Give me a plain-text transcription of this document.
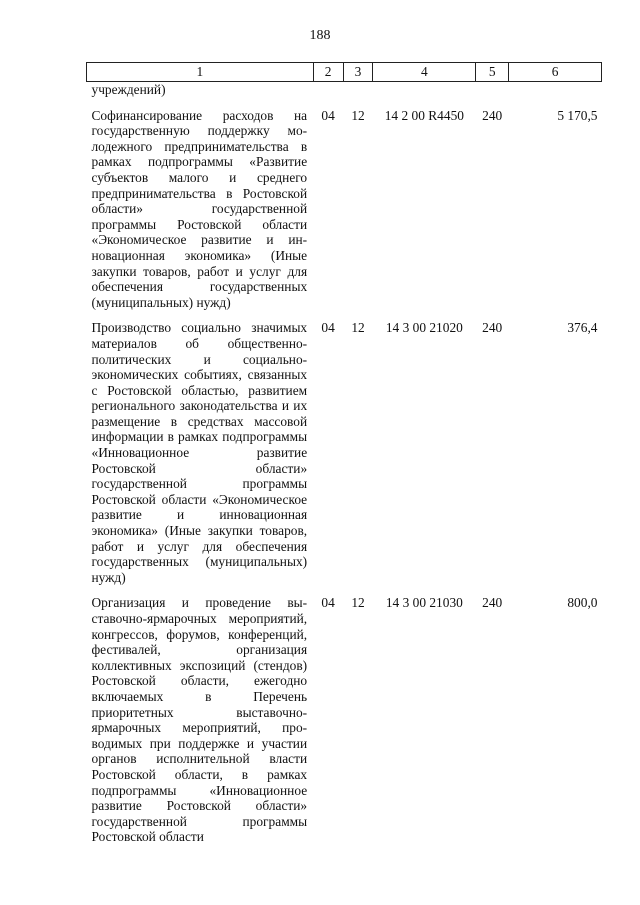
188
1	2	3	4	5	6
учреждений)					
Софинансирование расходов на государственную поддержку молодежного предпринимательства в рамках подпрограммы «Развитие субъектов малого и среднего предпринимательства в Ростовской области» государственной программы Ростовской области «Экономическое развитие и инновационная экономика» (Иные закупки товаров, работ и услуг для обеспечения государственных (муниципальных) нужд)	04	12	14 2 00 R4450	240	5 170,5
Производство социально значимых материалов об общественно-политических и социально-экономических событиях, связанных с Ростовской областью, развитием регионального законодательства и их размещение в средствах массовой информации в рамках подпрограммы «Инновационное развитие Ростовской области» государственной программы Ростовской области «Экономическое развитие и инновационная экономика» (Иные закупки товаров, работ и услуг для обеспечения государственных (муниципальных) нужд)	04	12	14 3 00 21020	240	376,4
Организация и проведение выставочно-ярмарочных мероприятий, конгрессов, форумов, конференций, фестивалей, организация коллективных экспозиций (стендов) Ростовской области, ежегодно включаемых в Перечень приоритетных выставочно-ярмарочных мероприятий, проводимых при поддержке и участии органов исполнительной власти Ростовской области, в рамках подпрограммы «Инновационное развитие Ростовской области» государственной программы Ростовской области	04	12	14 3 00 21030	240	800,0
